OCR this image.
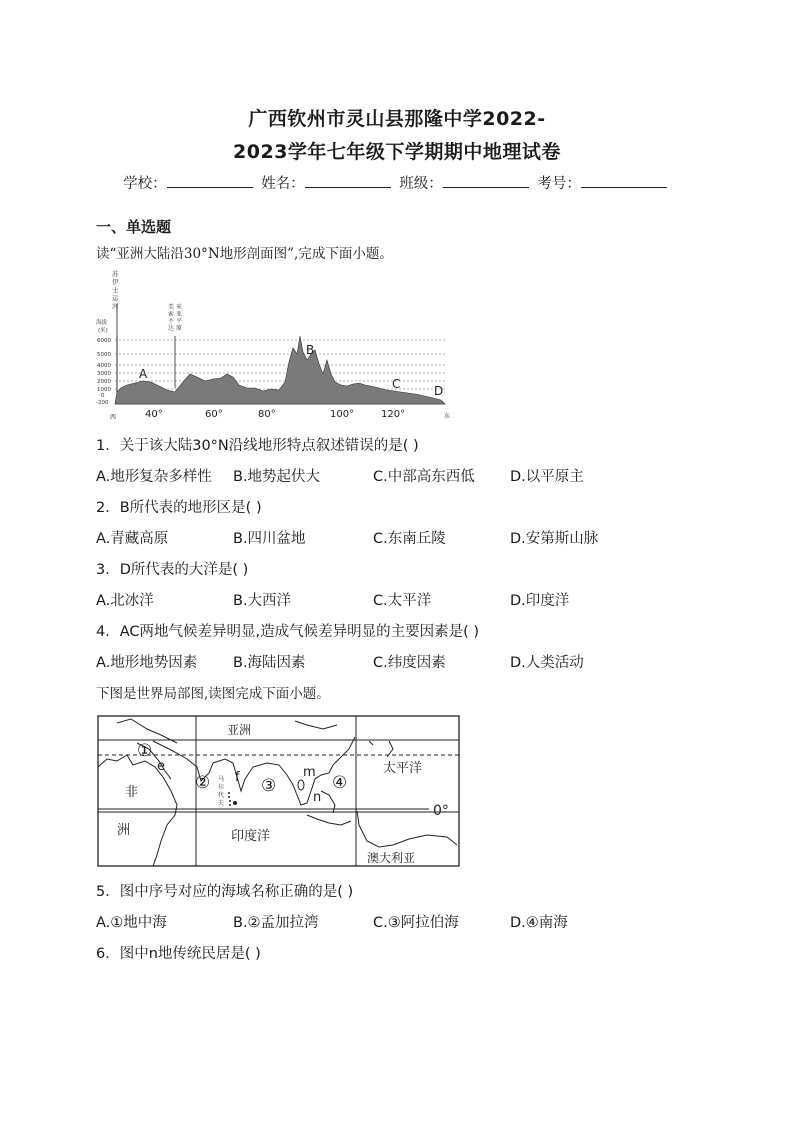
广西钦州市灵山县那隆中学2022-
2023学年七年级下学期期中地理试卷
学校：	姓名：	班级：	考号：
一、单选题
读“亚洲大陆沿30°N地形剖面图”,完成下面小题。
苏伊士运河	美索不达
米亚平原
海拔
(米)
6000
5000
4000
3000
2000
1000
0
-200
A
B
C	D
40°	60°	80°	100°	120°
西	东
1．关于该大陆30°N沿线地形特点叙述错误的是( )
A.地形复杂多样性 B.地势起伏大	C.中部高东西低 D.以平原主
2．B所代表的地形区是( )
A.青藏高原	B.四川盆地	C.东南丘陵	D.安第斯山脉
3．D所代表的大洋是( )
A.北冰洋	B.大西洋	C.太平洋	D.印度洋
4．AC两地气候差异明显,造成气候差异明显的主要因素是( )
A.地形地势因素 B.海陆因素	C.纬度因素	D.人类活动
下图是世界局部图,读图完成下面小题。
亚洲
太平洋
非
洲	印度洋
澳大利亚
0°
①
②	③	④
e
f	m
n
马尔代夫
5．图中序号对应的海域名称正确的是( )
A.①地中海	B.②孟加拉湾	C.③阿拉伯海	D.④南海
6．图中n地传统民居是( )
